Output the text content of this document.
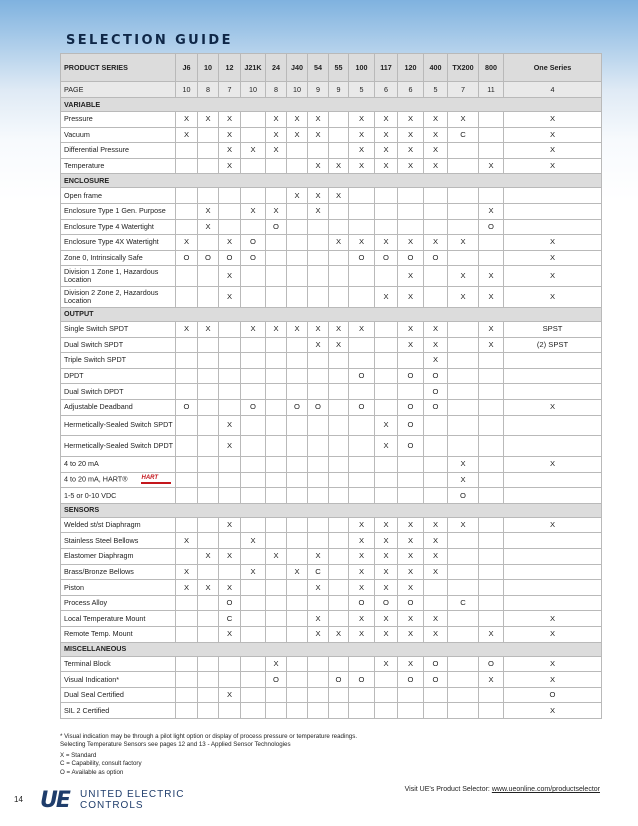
SELECTION GUIDE
PRODUCT SERIES	J6	10	12	J21K	24	J40	54	55	100	117	120	400	TX200	800	One Series
PAGE	10	8	7	10	8	10	9	9	5	6	6	5	7	11	4
VARIABLE															
Pressure	X	X	X		X	X	X		X	X	X	X	X		X
Vacuum	X		X		X	X	X		X	X	X	X	C		X
Differential Pressure			X	X	X				X	X	X	X			X
Temperature			X				X	X	X	X	X	X		X	X
ENCLOSURE															
Open frame						X	X	X							
Enclosure Type 1 Gen. Purpose		X		X	X		X							X	
Enclosure Type 4 Watertight		X			O									O	
Enclosure Type 4X Watertight	X		X	O				X	X	X	X	X	X		X
Zone 0, Intrinsically Safe	O	O	O	O					O	O	O	O			X
Division 1 Zone 1, Hazardous Location			X								X		X	X	X
Division 2 Zone 2, Hazardous Location			X							X	X		X	X	X
OUTPUT															
Single Switch SPDT	X	X		X	X	X	X	X	X		X	X		X	SPST
Dual Switch SPDT							X	X			X	X		X	(2) SPST
Triple Switch SPDT												X			
DPDT									O		O	O			
Dual Switch DPDT												O			
Adjustable Deadband	O			O		O	O		O		O	O			X
Hermetically-Sealed Switch SPDT			X							X	O				
Hermetically-Sealed Switch DPDT			X							X	O				
4 to 20 mA													X		X
4 to 20 mA, HART® HART													X		
1-5 or 0-10 VDC													O		
SENSORS															
Welded st/st Diaphragm			X						X	X	X	X	X		X
Stainless Steel Bellows	X			X					X	X	X	X			
Elastomer Diaphragm		X	X		X		X		X	X	X	X			
Brass/Bronze Bellows	X			X		X	C		X	X	X	X			
Piston	X	X	X				X		X	X	X				
Process Alloy			O						O	O	O		C		
Local Temperature Mount			C				X		X	X	X	X			X
Remote Temp. Mount			X				X	X	X	X	X	X		X	X
MISCELLANEOUS															
Terminal Block					X					X	X	O		O	X
Visual Indication*					O			O	O		O	O		X	X
Dual Seal Certified			X												O
SIL 2 Certified															X
* Visual indication may be through a pilot light option or display of process pressure or temperature readings.
Selecting Temperature Sensors see pages 12 and 13 - Applied Sensor Technologies
X = Standard
C = Capability, consult factory
O = Available as option
14 UE UNITED ELECTRIC
CONTROLS
Visit UE's Product Selector: www.ueonline.com/productselector
